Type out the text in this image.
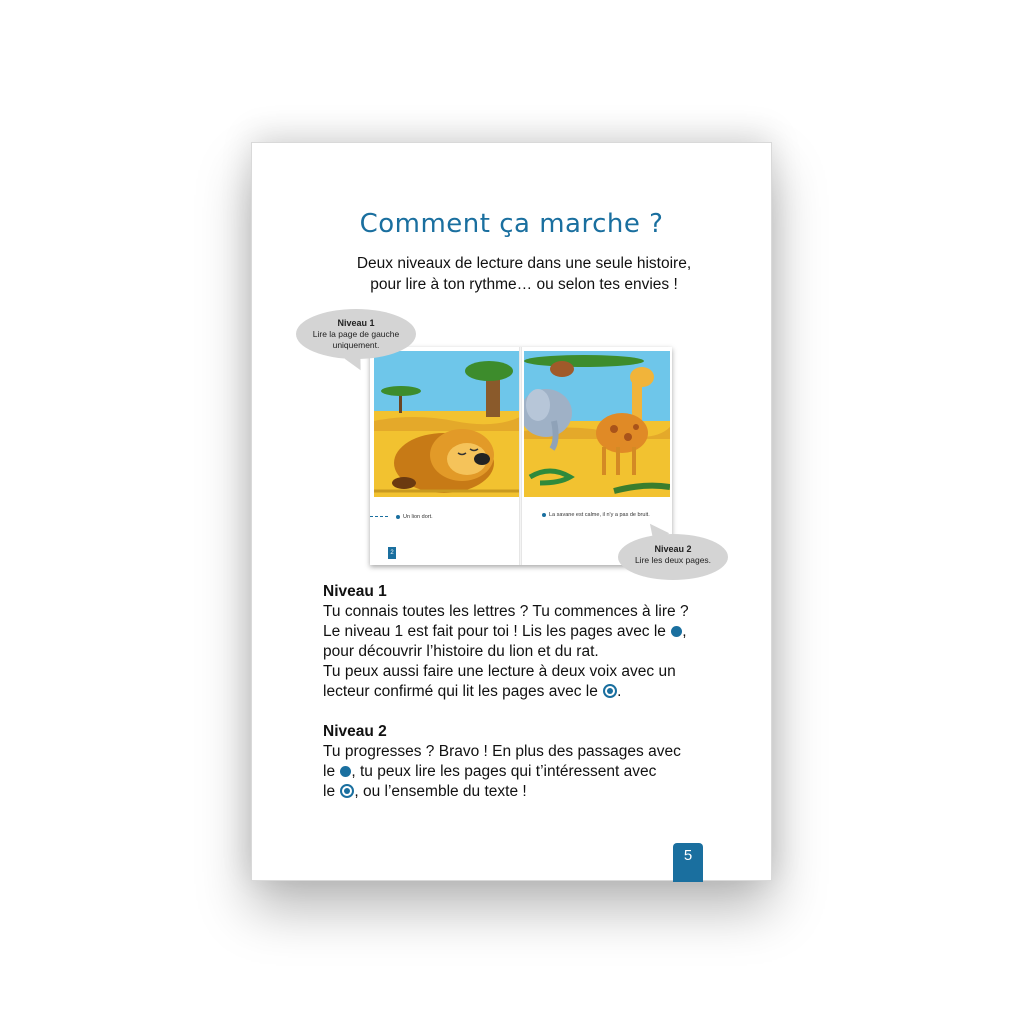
Comment ça marche ?
Deux niveaux de lecture dans une seule histoire,
pour lire à ton rythme… ou selon tes envies !
Un lion dort.
2
La savane est calme, il n'y a pas de bruit.
Niveau 1
Lire la page de gauche uniquement.
Niveau 2
Lire les deux pages.
Niveau 1

Tu connais toutes les lettres ? Tu commences à lire ?

Le niveau 1 est fait pour toi ! Lis les pages avec le ,

pour découvrir l’histoire du lion et du rat.

Tu peux aussi faire une lecture à deux voix avec un

lecteur confirmé qui lit les pages avec le .

Niveau 2

Tu progresses ? Bravo ! En plus des passages avec

le , tu peux lire les pages qui t’intéressent avec

le , ou l’ensemble du texte !

5
